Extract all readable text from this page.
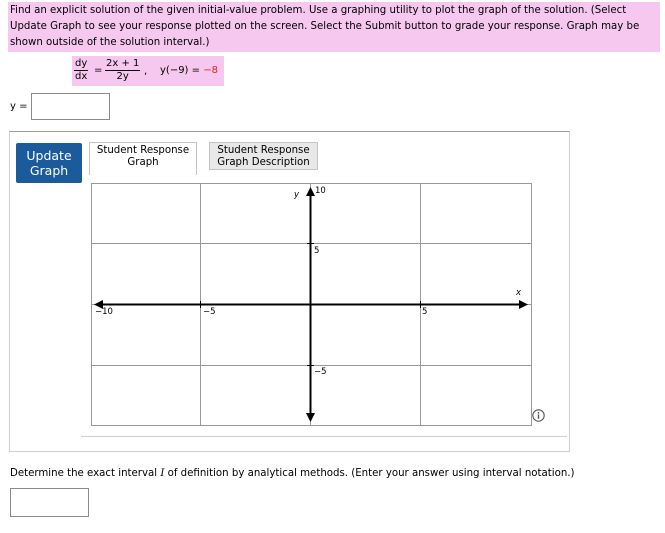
Find an explicit solution of the given initial-value problem. Use a graphing utility to plot the graph of the solution. (Select Update Graph to see your response plotted on the screen. Select the Submit button to grade your response. Graph may be shown outside of the solution interval.)
$\frac{dy}{dx} = \frac{2x + 1}{2y}$ , y(−9) = −8
y =
Update
Graph
Student Response
Graph
Student Response
Graph Description
x
y
−10	−5	5
10
5
−5
Determine the exact interval I of definition by analytical methods. (Enter your answer using interval notation.)
